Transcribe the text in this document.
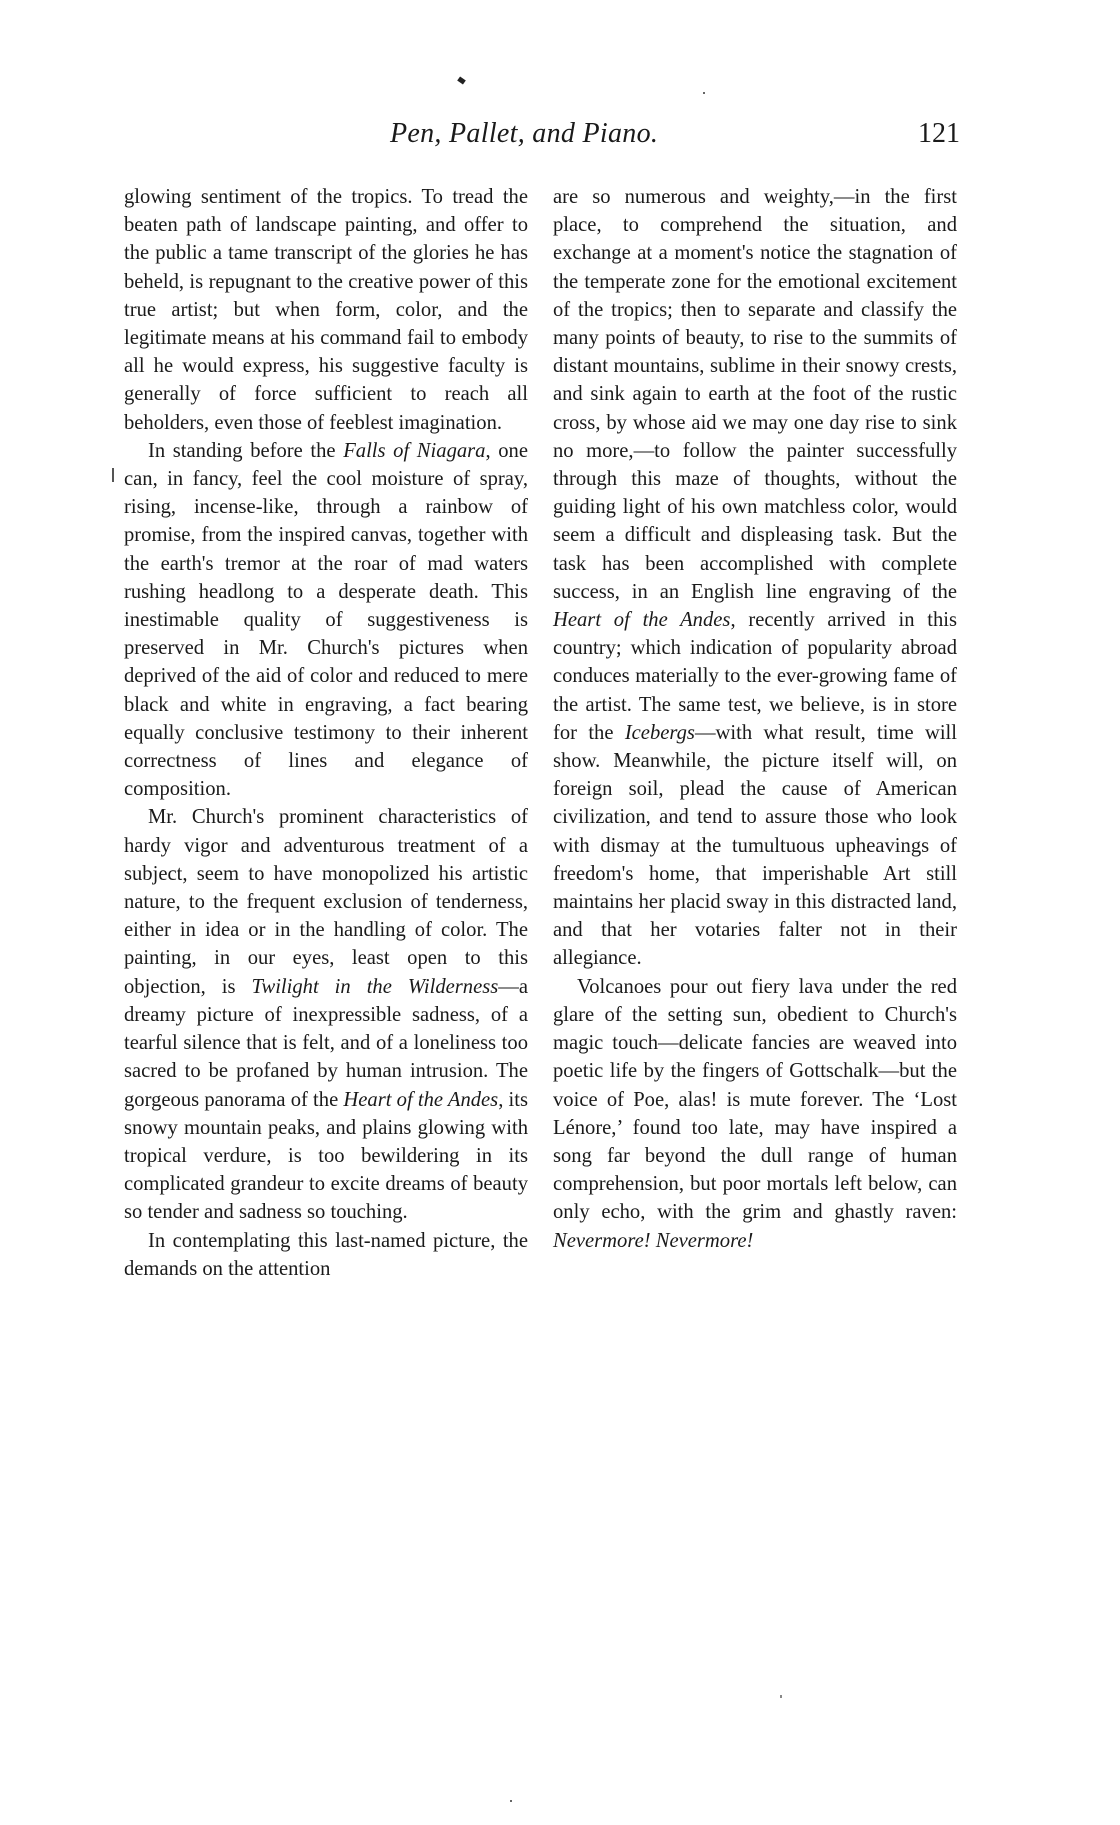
Pen, Pallet, and Piano.	121

glowing sentiment of the tropics. To tread the beaten path of landscape painting, and offer to the public a tame transcript of the glories he has beheld, is repugnant to the creative power of this true artist; but when form, color, and the legitimate means at his command fail to embody all he would express, his suggestive faculty is generally of force sufficient to reach all beholders, even those of feeblest imagination.

In standing before the Falls of Niagara, one can, in fancy, feel the cool moisture of spray, rising, incense-like, through a rainbow of promise, from the inspired canvas, together with the earth's tremor at the roar of mad waters rushing headlong to a desperate death. This inestimable quality of suggestiveness is preserved in Mr. Church's pictures when deprived of the aid of color and reduced to mere black and white in engraving, a fact bearing equally conclusive testimony to their inherent correctness of lines and elegance of composition.

Mr. Church's prominent characteristics of hardy vigor and adventurous treatment of a subject, seem to have monopolized his artistic nature, to the frequent exclusion of tenderness, either in idea or in the handling of color. The painting, in our eyes, least open to this objection, is Twilight in the Wilderness—a dreamy picture of inexpressible sadness, of a tearful silence that is felt, and of a loneliness too sacred to be profaned by human intrusion. The gorgeous panorama of the Heart of the Andes, its snowy mountain peaks, and plains glowing with tropical verdure, is too bewildering in its complicated grandeur to excite dreams of beauty so tender and sadness so touching.

In contemplating this last-named picture, the demands on the attention

are so numerous and weighty,—in the first place, to comprehend the situation, and exchange at a moment's notice the stagnation of the temperate zone for the emotional excitement of the tropics; then to separate and classify the many points of beauty, to rise to the summits of distant mountains, sublime in their snowy crests, and sink again to earth at the foot of the rustic cross, by whose aid we may one day rise to sink no more,—to follow the painter successfully through this maze of thoughts, without the guiding light of his own matchless color, would seem a difficult and displeasing task. But the task has been accomplished with complete success, in an English line engraving of the Heart of the Andes, recently arrived in this country; which indication of popularity abroad conduces materially to the ever-growing fame of the artist. The same test, we believe, is in store for the Icebergs—with what result, time will show. Meanwhile, the picture itself will, on foreign soil, plead the cause of American civilization, and tend to assure those who look with dismay at the tumultuous upheavings of freedom's home, that imperishable Art still maintains her placid sway in this distracted land, and that her votaries falter not in their allegiance.

Volcanoes pour out fiery lava under the red glare of the setting sun, obedient to Church's magic touch—delicate fancies are weaved into poetic life by the fingers of Gottschalk—but the voice of Poe, alas! is mute forever. The ‘Lost Lénore,’ found too late, may have inspired a song far beyond the dull range of human comprehension, but poor mortals left below, can only echo, with the grim and ghastly raven: Nevermore! Nevermore!
